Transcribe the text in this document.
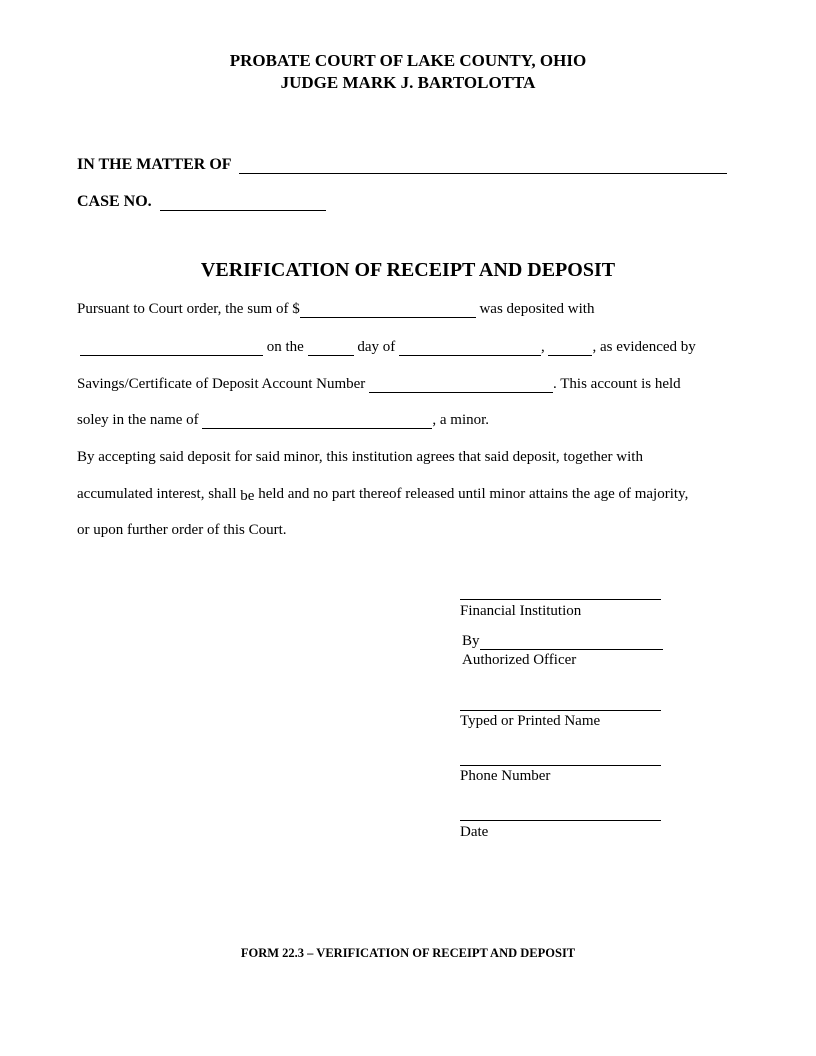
PROBATE COURT OF LAKE COUNTY, OHIO
JUDGE MARK J. BARTOLOTTA
IN THE MATTER OF
CASE NO.
VERIFICATION OF RECEIPT AND DEPOSIT
Pursuant to Court order, the sum of $	was deposited with
on the	day of	,	, as evidenced by
Savings/Certificate of Deposit Account Number	. This account is held
soley in the name of	, a minor.
By accepting said deposit for said minor, this institution agrees that said deposit, together with
accumulated interest, shall be held and no part thereof released until minor attains the age of majority,
or upon further order of this Court.
Financial Institution
By
Authorized Officer
Typed or Printed Name
Phone Number
Date
FORM 22.3 – VERIFICATION OF RECEIPT AND DEPOSIT
